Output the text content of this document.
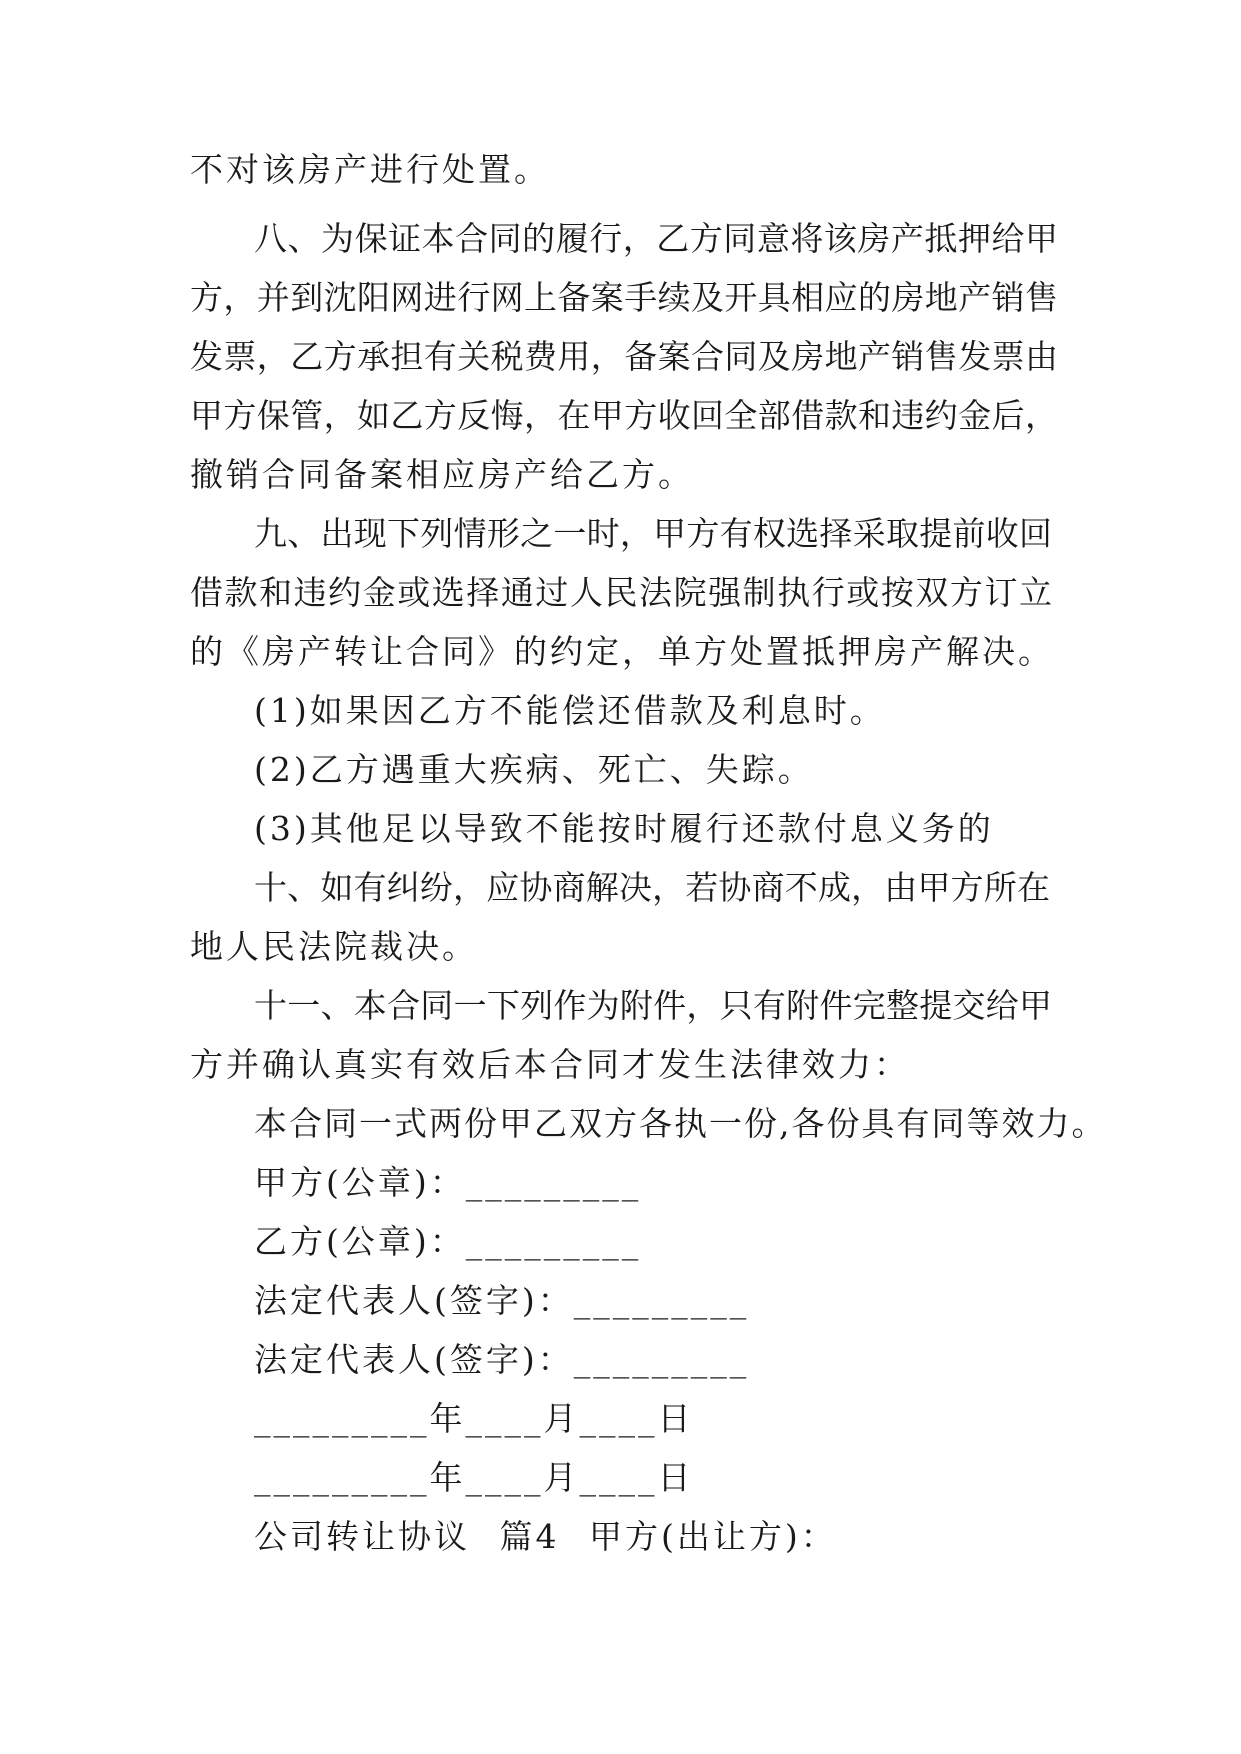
不对该房产进行处置。
八、为保证本合同的履行，乙方同意将该房产抵押给甲
方，并到沈阳网进行网上备案手续及开具相应的房地产销售
发票，乙方承担有关税费用，备案合同及房地产销售发票由
甲方保管，如乙方反悔，在甲方收回全部借款和违约金后，
撤销合同备案相应房产给乙方。
九、出现下列情形之一时，甲方有权选择采取提前收回
借款和违约金或选择通过人民法院强制执行或按双方订立
的《房产转让合同》的约定，单方处置抵押房产解决。
(1)如果因乙方不能偿还借款及利息时。
(2)乙方遇重大疾病、死亡、失踪。
(3)其他足以导致不能按时履行还款付息义务的
十、如有纠纷，应协商解决，若协商不成，由甲方所在
地人民法院裁决。
十一、本合同一下列作为附件，只有附件完整提交给甲
方并确认真实有效后本合同才发生法律效力：
本合同一式两份甲乙双方各执一份,各份具有同等效力。
甲方(公章)：_________
乙方(公章)：_________
法定代表人(签字)：_________
法定代表人(签字)：_________
_________年____月____日
_________年____月____日
公司转让协议 篇4 甲方(出让方)：
